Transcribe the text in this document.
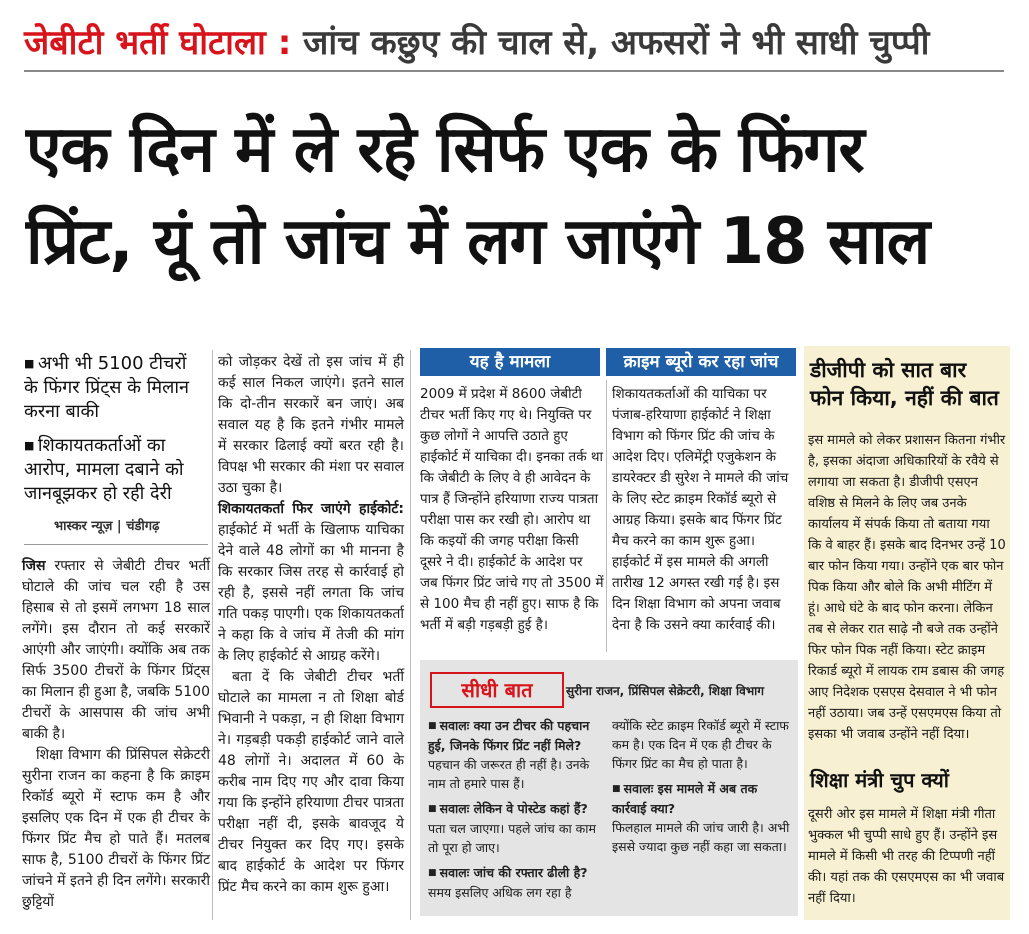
जेबीटी भर्ती घोटाला : जांच कछुए की चाल से, अफसरों ने भी साधी चुप्पी
एक दिन में ले रहे सिर्फ एक के फिंगर
प्रिंट, यूं तो जांच में लग जाएंगे 18 साल
■ अभी भी 5100 टीचरों के फिंगर प्रिंट्स के मिलान करना बाकी
■ शिकायतकर्ताओं का आरोप, मामला दबाने को जानबूझकर हो रही देरी
भास्कर न्यूज़ | चंडीगढ़
जिस रफ्तार से जेबीटी टीचर भर्ती घोटाले की जांच चल रही है उस हिसाब से तो इसमें लगभग 18 साल लगेंगे। इस दौरान तो कई सरकारें आएंगी और जाएंगी। क्योंकि अब तक सिर्फ 3500 टीचरों के फिंगर प्रिंट्स का मिलान ही हुआ है, जबकि 5100 टीचरों के आसपास की जांच अभी बाकी है।
शिक्षा विभाग की प्रिंसिपल सेक्रेटरी सुरीना राजन का कहना है कि क्राइम रिकॉर्ड ब्यूरो में स्टाफ कम है और इसलिए एक दिन में एक ही टीचर के फिंगर प्रिंट मैच हो पाते हैं। मतलब साफ है, 5100 टीचरों के फिंगर प्रिंट जांचने में इतने ही दिन लगेंगे। सरकारी छुट्टियों
को जोड़कर देखें तो इस जांच में ही कई साल निकल जाएंगे। इतने साल कि दो-तीन सरकारें बन जाएं। अब सवाल यह है कि इतने गंभीर मामले में सरकार ढिलाई क्यों बरत रही है। विपक्ष भी सरकार की मंशा पर सवाल उठा चुका है।
शिकायतकर्ता फिर जाएंगे हाईकोर्ट: हाईकोर्ट में भर्ती के खिलाफ याचिका देने वाले 48 लोगों का भी मानना है कि सरकार जिस तरह से कार्रवाई हो रही है, इससे नहीं लगता कि जांच गति पकड़ पाएगी। एक शिकायतकर्ता ने कहा कि वे जांच में तेजी की मांग के लिए हाईकोर्ट से आग्रह करेंगे।
बता दें कि जेबीटी टीचर भर्ती घोटाले का मामला न तो शिक्षा बोर्ड भिवानी ने पकड़ा, न ही शिक्षा विभाग ने। गड़बड़ी पकड़ी हाईकोर्ट जाने वाले 48 लोगों ने। अदालत में 60 के करीब नाम दिए गए और दावा किया गया कि इन्होंने हरियाणा टीचर पात्रता परीक्षा नहीं दी, इसके बावजूद ये टीचर नियुक्त कर दिए गए। इसके बाद हाईकोर्ट के आदेश पर फिंगर प्रिंट मैच करने का काम शुरू हुआ।
यह है मामला	क्राइम ब्यूरो कर रहा जांच
2009 में प्रदेश में 8600 जेबीटी टीचर भर्ती किए गए थे। नियुक्ति पर कुछ लोगों ने आपत्ति उठाते हुए हाईकोर्ट में याचिका दी। इनका तर्क था कि जेबीटी के लिए वे ही आवेदन के पात्र हैं जिन्होंने हरियाणा राज्य पात्रता परीक्षा पास कर रखी हो। आरोप था कि कइयों की जगह परीक्षा किसी दूसरे ने दी। हाईकोर्ट के आदेश पर जब फिंगर प्रिंट जांचे गए तो 3500 में से 100 मैच ही नहीं हुए। साफ है कि भर्ती में बड़ी गड़बड़ी हुई है।
शिकायतकर्ताओं की याचिका पर पंजाब-हरियाणा हाईकोर्ट ने शिक्षा विभाग को फिंगर प्रिंट की जांच के आदेश दिए। एलिमेंट्री एजुकेशन के डायरेक्टर डी सुरेश ने मामले की जांच के लिए स्टेट क्राइम रिकॉर्ड ब्यूरो से आग्रह किया। इसके बाद फिंगर प्रिंट मैच करने का काम शुरू हुआ। हाईकोर्ट में इस मामले की अगली तारीख 12 अगस्त रखी गई है। इस दिन शिक्षा विभाग को अपना जवाब देना है कि उसने क्या कार्रवाई की।
सीधी बात	सुरीना राजन, प्रिंसिपल सेक्रेटरी, शिक्षा विभाग
■ सवालः क्या उन टीचर की पहचान हुई, जिनके फिंगर प्रिंट नहीं मिले?
पहचान की जरूरत ही नहीं है। उनके नाम तो हमारे पास हैं।
■ सवालः लेकिन वे पोस्टेड कहां हैं?
पता चल जाएगा। पहले जांच का काम तो पूरा हो जाए।
■ सवालः जांच की रफ्तार ढीली है?
समय इसलिए अधिक लग रहा है
क्योंकि स्टेट क्राइम रिकॉर्ड ब्यूरो में स्टाफ कम है। एक दिन में एक ही टीचर के फिंगर प्रिंट का मैच हो पाता है।
■ सवालः इस मामले में अब तक कार्रवाई क्या?
फिलहाल मामले की जांच जारी है। अभी इससे ज्यादा कुछ नहीं कहा जा सकता।
डीजीपी को सात बार फोन किया, नहीं की बात
इस मामले को लेकर प्रशासन कितना गंभीर है, इसका अंदाजा अधिकारियों के रवैये से लगाया जा सकता है। डीजीपी एसएन वशिष्ठ से मिलने के लिए जब उनके कार्यालय में संपर्क किया तो बताया गया कि वे बाहर हैं। इसके बाद दिनभर उन्हें 10 बार फोन किया गया। उन्होंने एक बार फोन पिक किया और बोले कि अभी मीटिंग में हूं। आधे घंटे के बाद फोन करना। लेकिन तब से लेकर रात साढ़े नौ बजे तक उन्होंने फिर फोन पिक नहीं किया। स्टेट क्राइम रिकार्ड ब्यूरो में लायक राम डबास की जगह आए निदेशक एसएस देसवाल ने भी फोन नहीं उठाया। जब उन्हें एसएमएस किया तो इसका भी जवाब उन्होंने नहीं दिया।
शिक्षा मंत्री चुप क्यों
दूसरी ओर इस मामले में शिक्षा मंत्री गीता भुक्कल भी चुप्पी साधे हुए हैं। उन्होंने इस मामले में किसी भी तरह की टिप्पणी नहीं की। यहां तक की एसएमएस का भी जवाब नहीं दिया।
